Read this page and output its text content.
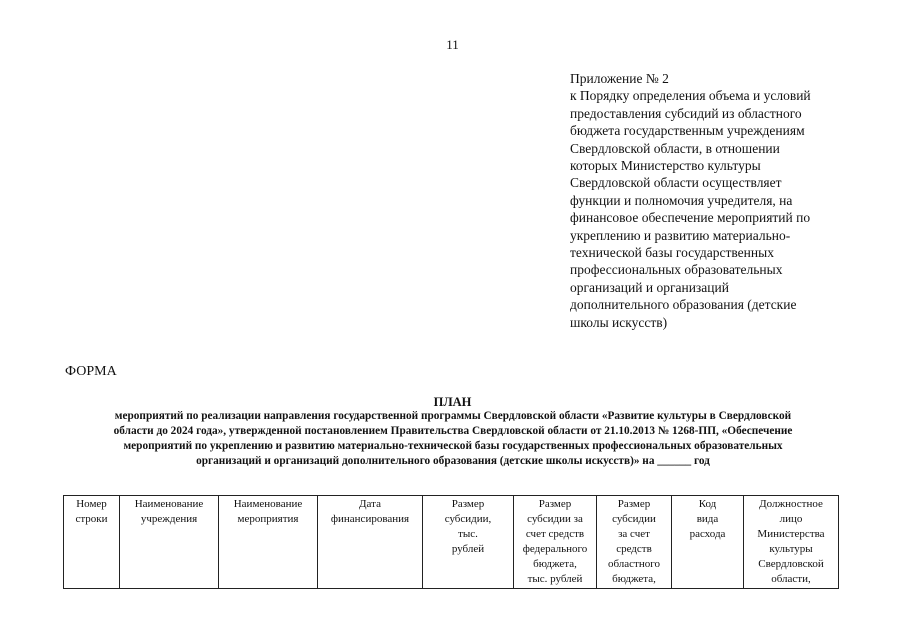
11
Приложение № 2
к Порядку определения объема и условий
предоставления субсидий из областного
бюджета государственным учреждениям
Свердловской области, в отношении
которых Министерство культуры
Свердловской области осуществляет
функции и полномочия учредителя, на
финансовое обеспечение мероприятий по
укреплению и развитию материально-
технической базы государственных
профессиональных образовательных
организаций и организаций
дополнительного образования (детские
школы искусств)
ФОРМА
ПЛАН
мероприятий по реализации направления государственной программы Свердловской области «Развитие культуры в Свердловской
области до 2024 года», утвержденной постановлением Правительства Свердловской области от 21.10.2013 № 1268-ПП, «Обеспечение
мероприятий по укреплению и развитию материально-технической базы государственных профессиональных образовательных
организаций и организаций дополнительного образования (детские школы искусств)» на ______ год
Номер
строки

Наименование
учреждения

Наименование
мероприятия

Дата
финансирования

Размер
субсидии,
тыс.
рублей

Размер
субсидии за
счет средств
федерального
бюджета,
тыс. рублей

Размер
субсидии
за счет
средств
областного
бюджета,

Код
вида
расхода

Должностное
лицо
Министерства
культуры
Свердловской
области,
